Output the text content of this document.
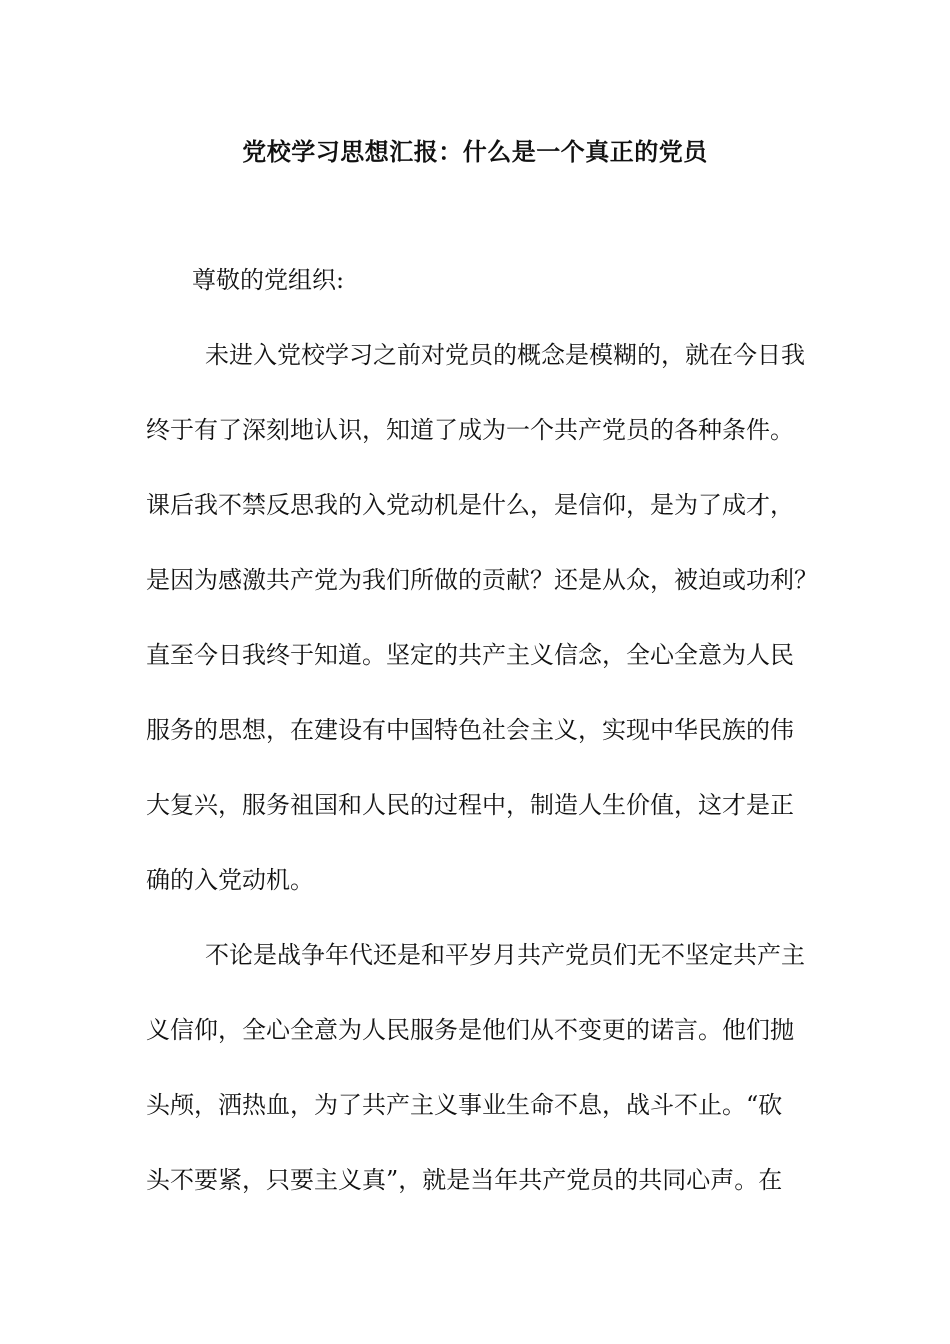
党校学习思想汇报：什么是一个真正的党员
尊敬的党组织:
未进入党校学习之前对党员的概念是模糊的，就在今日我
终于有了深刻地认识，知道了成为一个共产党员的各种条件。
课后我不禁反思我的入党动机是什么，是信仰，是为了成才，
是因为感激共产党为我们所做的贡献？还是从众，被迫或功利？
直至今日我终于知道。坚定的共产主义信念，全心全意为人民
服务的思想，在建设有中国特色社会主义，实现中华民族的伟
大复兴，服务祖国和人民的过程中，制造人生价值，这才是正
确的入党动机。
不论是战争年代还是和平岁月共产党员们无不坚定共产主
义信仰，全心全意为人民服务是他们从不变更的诺言。他们抛
头颅，洒热血，为了共产主义事业生命不息，战斗不止。“砍
头不要紧，只要主义真”，就是当年共产党员的共同心声。在
